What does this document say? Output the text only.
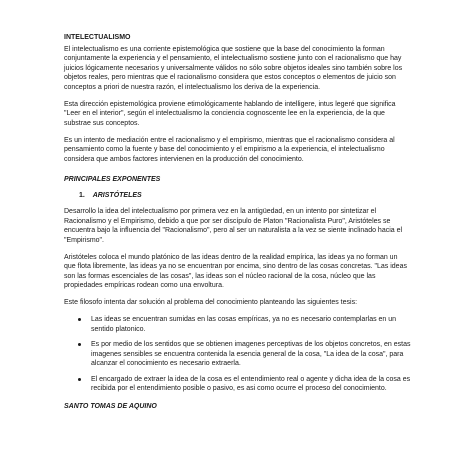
INTELECTUALISMO

El intelectualismo es una corriente epistemológica que sostiene que la base del conocimiento la forman conjuntamente la experiencia y el pensamiento, el intelectualismo sostiene junto con el racionalismo que hay juicios lógicamente necesarios y universalmente válidos no sólo sobre objetos ideales sino también sobre los objetos reales, pero mientras que el racionalismo considera que estos conceptos o elementos de juicio son conceptos a priori de nuestra razón, el intelectualismo los deriva de la experiencia.

Esta dirección epistemológica proviene etimológicamente hablando de intelligere, intus legeré que significa "Leer en el interior", según el intelectualismo la conciencia cognoscente lee en la experiencia, de la que substrae sus conceptos.

Es un intento de mediación entre el racionalismo y el empirismo, mientras que el racionalismo considera al pensamiento como la fuente y base del conocimiento y el empirismo a la experiencia, el intelectualismo considera que ambos factores intervienen en la producción del conocimiento.

PRINCIPALES EXPONENTES
1. ARISTÓTELES

Desarrollo la idea del intelectualismo por primera vez en la antigüedad, en un intento por sintetizar el Racionalismo y el Empirismo, debido a que por ser discípulo de Platon "Racionalista Puro", Aristóteles se encuentra bajo la influencia del "Racionalismo", pero al ser un naturalista a la vez se siente inclinado hacia el "Empirismo".

Aristóteles coloca el mundo platónico de las ideas dentro de la realidad empírica, las ideas ya no forman un que flota libremente, las ideas ya no se encuentran por encima, sino dentro de las cosas concretas. "Las ideas son las formas escenciales de las cosas", las ideas son el núcleo racional de la cosa, núcleo que las propiedades empíricas rodean como una envoltura.

Este filosofo intenta dar solución al problema del conocimiento planteando las siguientes tesis:

Las ideas se encuentran sumidas en las cosas empíricas, ya no es necesario contemplarlas en un sentido platonico.
Es por medio de los sentidos que se obtienen imagenes perceptivas de los objetos concretos, en estas imagenes sensibles se encuentra contenida la esencia general de la cosa, "La idea de la cosa", para alcanzar el conocimiento es necesario extraerla.
El encargado de extraer la idea de la cosa es el entendimiento real o agente y dicha idea de la cosa es recibida por el entendimiento posible o pasivo, es asi como ocurre el proceso del conocimiento.
SANTO TOMAS DE AQUINO
